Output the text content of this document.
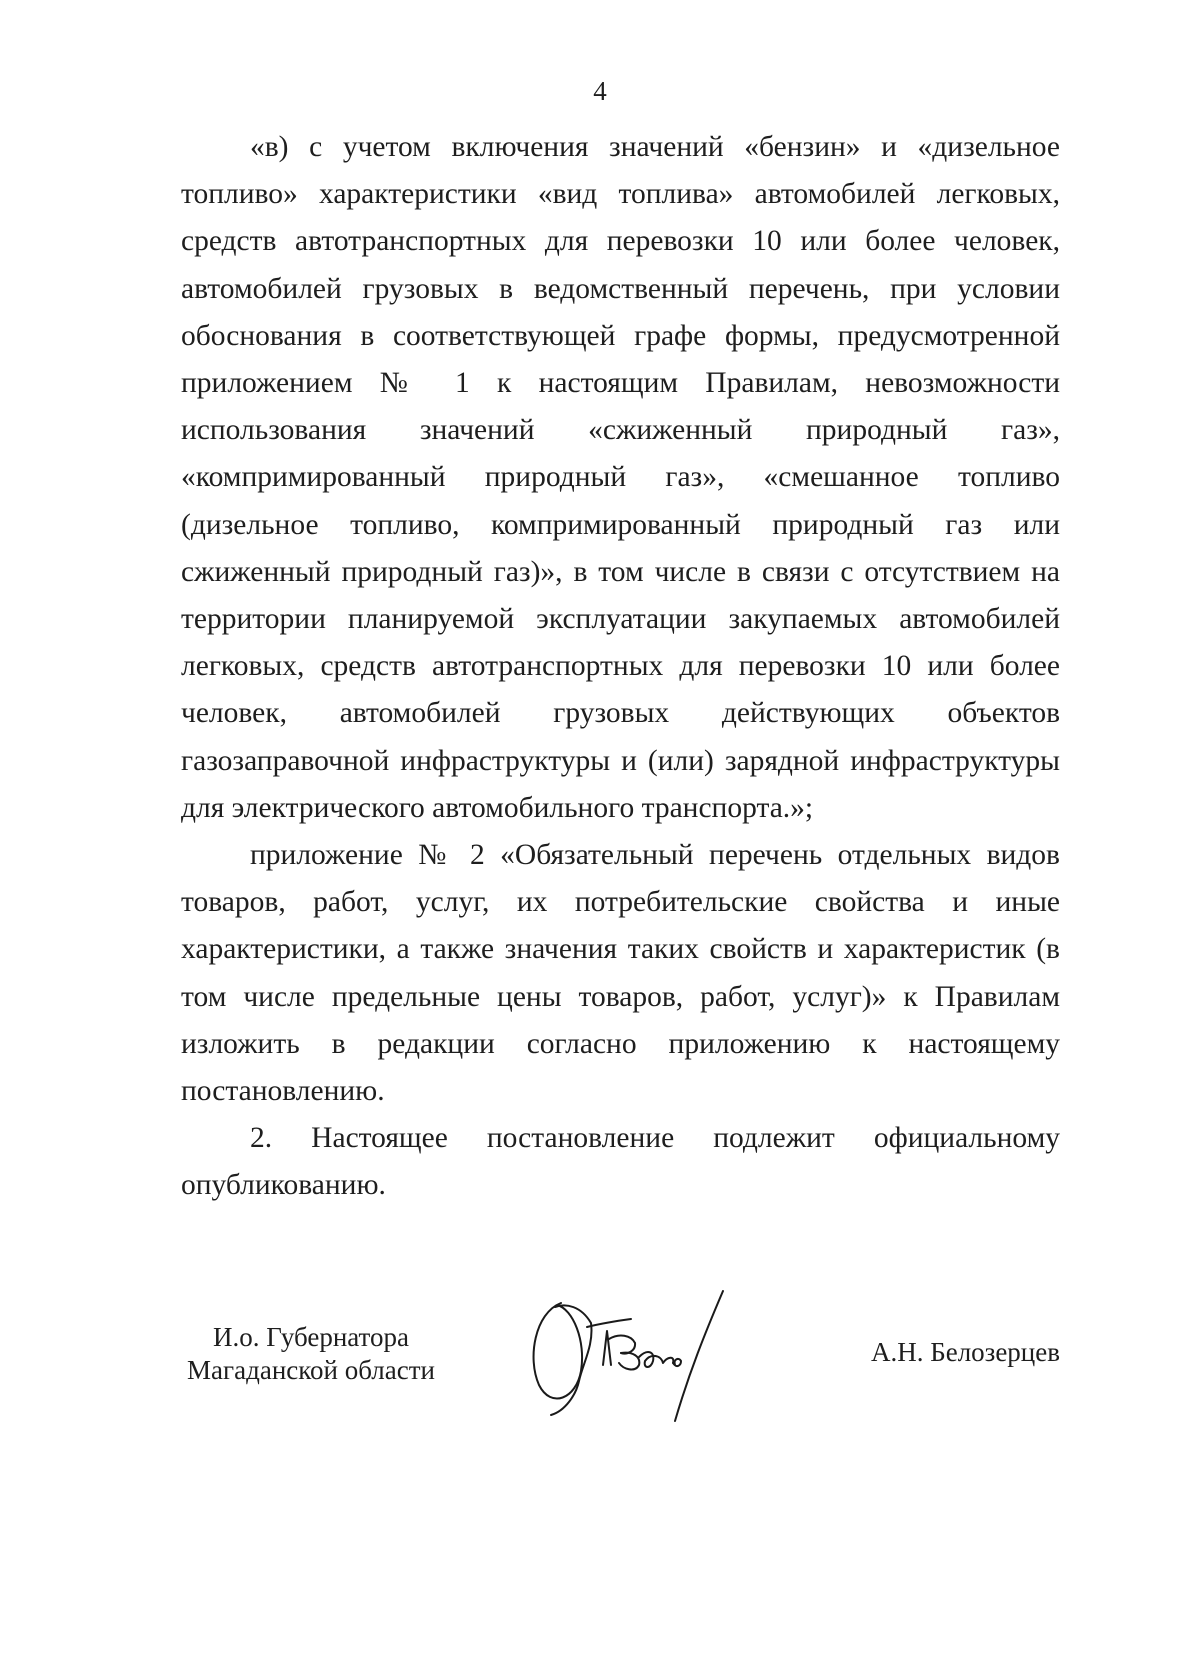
4

«в) с учетом включения значений «бензин» и «дизельное топливо» характеристики «вид топлива» автомобилей легковых, средств автотранспортных для перевозки 10 или более человек, автомобилей грузовых в ведомственный перечень, при условии обоснования в соответствующей графе формы, предусмотренной приложением № 1 к настоящим Правилам, невозможности использования значений «сжиженный природный газ», «компримированный природный газ», «смешанное топливо (дизельное топливо, компримированный природный газ или сжиженный природный газ)», в том числе в связи с отсутствием на территории планируемой эксплуатации закупаемых автомобилей легковых, средств автотранспортных для перевозки 10 или более человек, автомобилей грузовых действующих объектов газозаправочной инфраструктуры и (или) зарядной инфраструктуры для электрического автомобильного транспорта.»;

приложение № 2 «Обязательный перечень отдельных видов товаров, работ, услуг, их потребительские свойства и иные характеристики, а также значения таких свойств и характеристик (в том числе предельные цены товаров, работ, услуг)» к Правилам изложить в редакции согласно приложению к настоящему постановлению.

2. Настоящее постановление подлежит официальному опубликованию.

И.о. Губернатора
Магаданской области
А.Н. Белозерцев
